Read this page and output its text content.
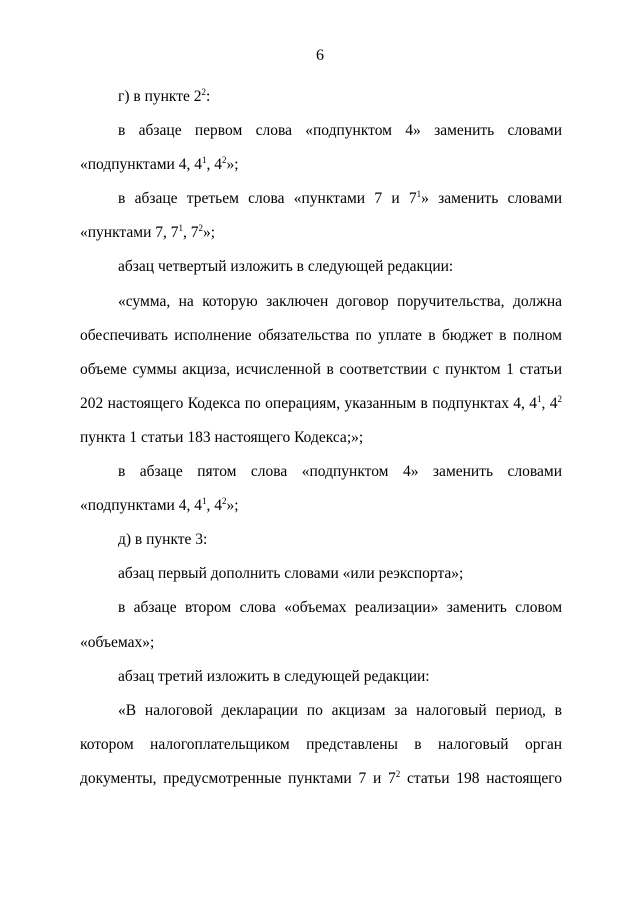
6

г) в пункте $2^2$:

в абзаце первом слова «подпунктом 4» заменить словами «подпунктами 4, $4^1$, $4^2$»;

в абзаце третьем слова «пунктами 7 и $7^1$» заменить словами «пунктами 7, $7^1$, $7^2$»;

абзац четвертый изложить в следующей редакции:

«сумма, на которую заключен договор поручительства, должна обеспечивать исполнение обязательства по уплате в бюджет в полном объеме суммы акциза, исчисленной в соответствии с пунктом 1 статьи 202 настоящего Кодекса по операциям, указанным в подпунктах 4, $4^1$, $4^2$ пункта 1 статьи 183 настоящего Кодекса;»;

в абзаце пятом слова «подпунктом 4» заменить словами «подпунктами 4, $4^1$, $4^2$»;

д) в пункте 3:

абзац первый дополнить словами «или реэкспорта»;

в абзаце втором слова «объемах реализации» заменить словом «объемах»;

абзац третий изложить в следующей редакции:

«В налоговой декларации по акцизам за налоговый период, в котором налогоплательщиком представлены в налоговый орган документы, предусмотренные пунктами 7 и $7^2$ статьи 198 настоящего
